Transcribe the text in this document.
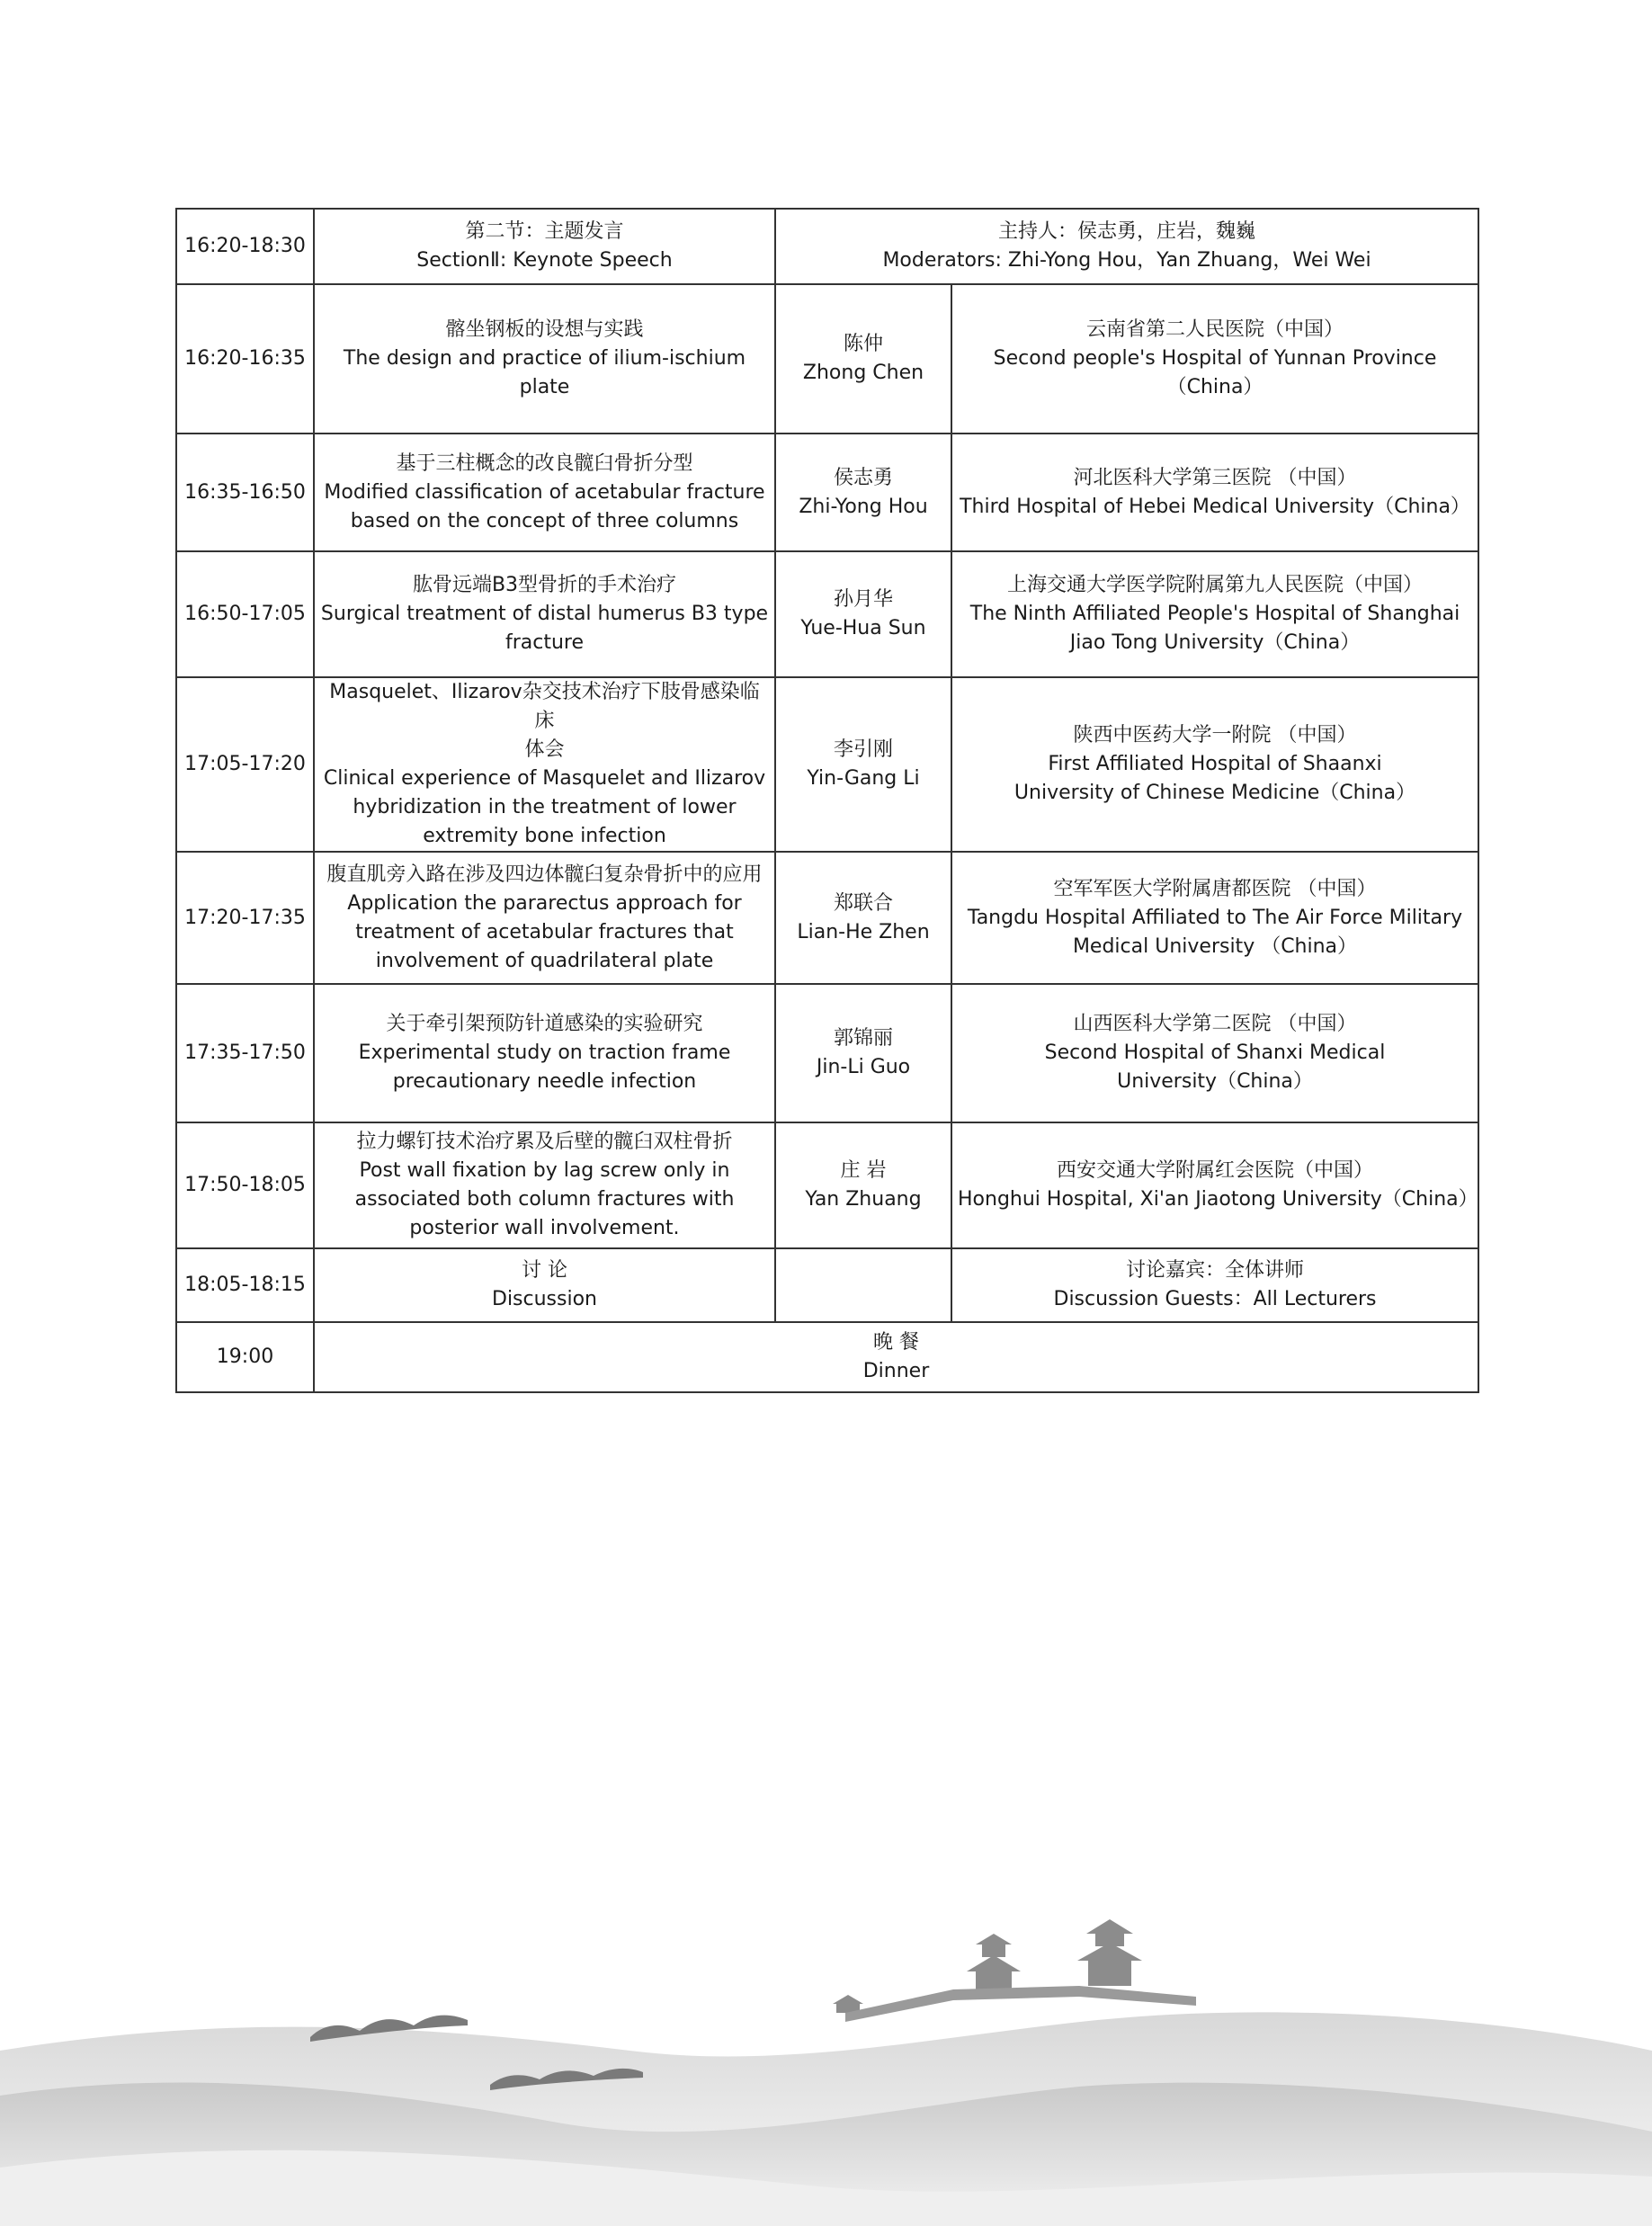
16:20-18:30	第二节：主题发言
SectionⅡ: Keynote Speech	主持人：侯志勇，庄岩，魏巍
Moderators: Zhi-Yong Hou，Yan Zhuang，Wei Wei	

16:20-16:35	髂坐钢板的设想与实践
The design and practice of ilium-ischium plate	陈仲
Zhong Chen	云南省第二人民医院（中国）
Second people's Hospital of Yunnan Province
（China）

16:35-16:50	基于三柱概念的改良髋臼骨折分型
Modified classification of acetabular fracture
based on the concept of three columns	侯志勇
Zhi-Yong Hou	河北医科大学第三医院 （中国）
Third Hospital of Hebei Medical University（China）

16:50-17:05	肱骨远端B3型骨折的手术治疗
Surgical treatment of distal humerus B3 type
fracture	孙月华
Yue-Hua Sun	上海交通大学医学院附属第九人民医院（中国）
The Ninth Affiliated People's Hospital of Shanghai
Jiao Tong University（China）

17:05-17:20	Masquelet、Ilizarov杂交技术治疗下肢骨感染临床
体会
Clinical experience of Masquelet and Ilizarov
hybridization in the treatment of lower
extremity bone infection	李引刚
Yin-Gang Li	陕西中医药大学一附院 （中国）
First Affiliated Hospital of Shaanxi
University of Chinese Medicine（China）

17:20-17:35	腹直肌旁入路在涉及四边体髋臼复杂骨折中的应用
Application the pararectus approach for
treatment of acetabular fractures that
involvement of quadrilateral plate	郑联合
Lian-He Zhen	空军军医大学附属唐都医院 （中国）
Tangdu Hospital Affiliated to The Air Force Military
Medical University （China）

17:35-17:50	关于牵引架预防针道感染的实验研究
Experimental study on traction frame
precautionary needle infection	郭锦丽
Jin-Li Guo	山西医科大学第二医院 （中国）
Second Hospital of Shanxi Medical
University（China）

17:50-18:05	拉力螺钉技术治疗累及后壁的髋臼双柱骨折
Post wall fixation by lag screw only in
associated both column fractures with
posterior wall involvement.	庄 岩
Yan Zhuang	西安交通大学附属红会医院（中国）
Honghui Hospital, Xi'an Jiaotong University（China）

18:05-18:15	讨 论
Discussion		讨论嘉宾：全体讲师
Discussion Guests：All Lecturers

19:00	晚 餐
Dinner		
